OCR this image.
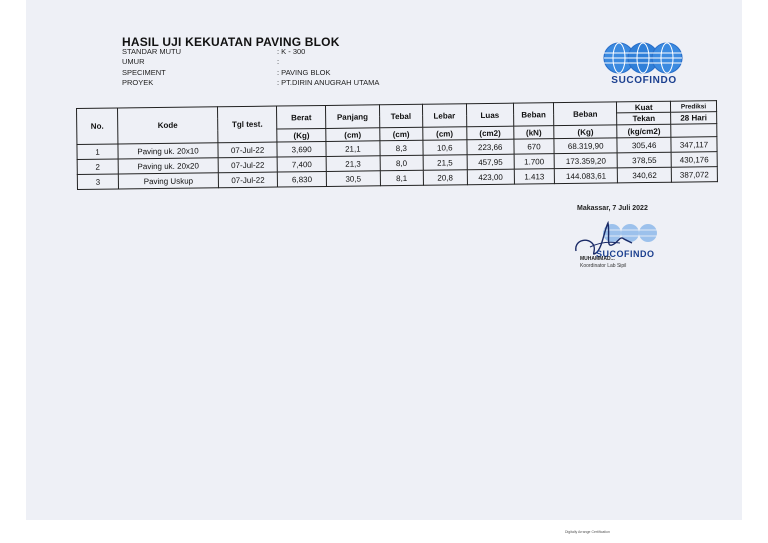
HASIL UJI KEKUATAN PAVING BLOK
STANDAR MUTU	: K - 300
UMUR	:
SPECIMENT	: PAVING BLOK
PROYEK	: PT.DIRIN ANUGRAH UTAMA	SUCOFINDO
No.	Kode	Tgl test.	Berat	Panjang	Tebal	Lebar	Luas	Beban	Beban	Kuat	Prediksi
										Tekan	28 Hari
			(Kg)	(cm)	(cm)	(cm)	(cm2)	(kN)	(Kg)	(kg/cm2)	
1	Paving uk. 20x10	07-Jul-22	3,690	21,1	8,3	10,6	223,66	670	68.319,90	305,46	347,117
2	Paving uk. 20x20	07-Jul-22	7,400	21,3	8,0	21,5	457,95	1.700	173.359,20	378,55	430,176
3	Paving Uskup	07-Jul-22	6,830	30,5	8,1	20,8	423,00	1.413	144.083,61	340,62	387,072
Makassar, 7 Juli 2022
SUCOFINDO
MUHAMMAD...
Koordinator Lab Sipil
Digitally Arrange Certification
